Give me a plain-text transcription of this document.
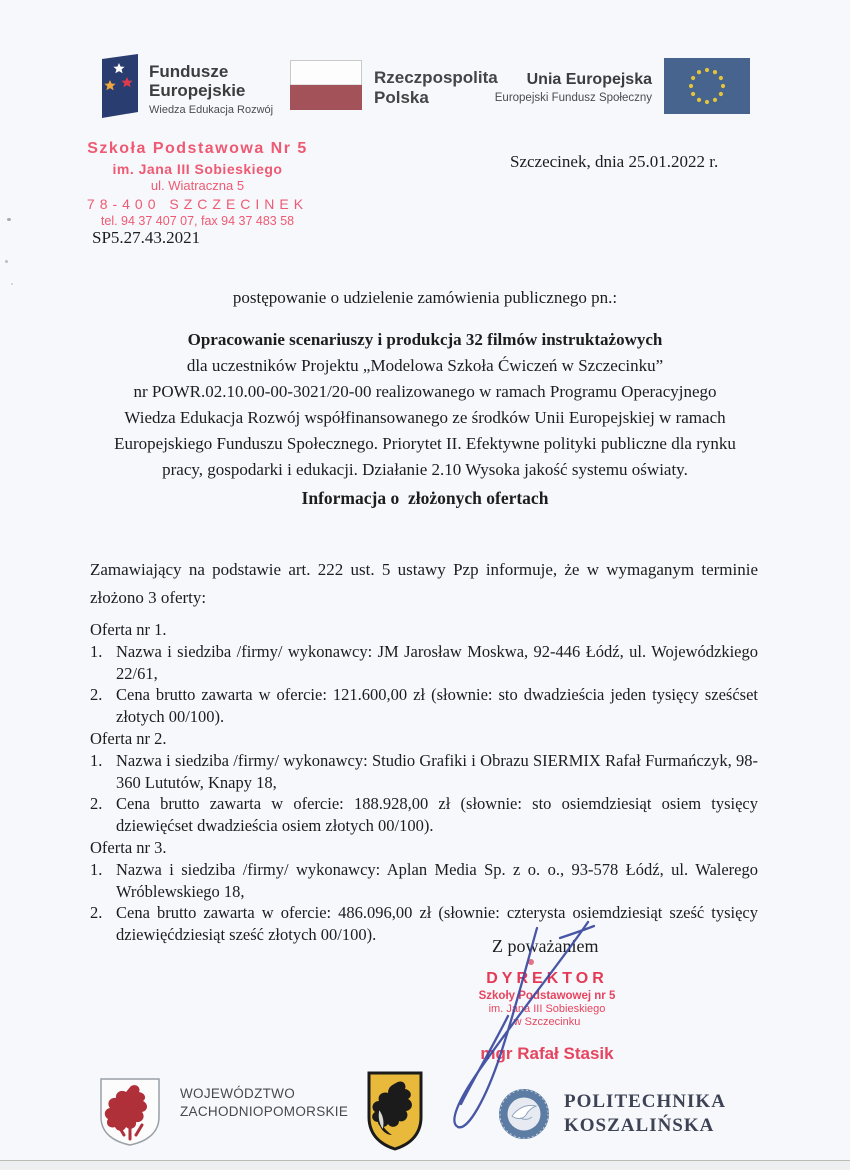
Fundusze
Europejskie
Wiedza Edukacja Rozwój
Rzeczpospolita
Polska
Unia Europejska
Europejski Fundusz Społeczny
Szkoła Podstawowa Nr 5
im. Jana III Sobieskiego
ul. Wiatraczna 5
78-400 SZCZECINEK
tel. 94 37 407 07, fax 94 37 483 58
Szczecinek, dnia 25.01.2022 r.
SP5.27.43.2021
postępowanie o udzielenie zamówienia publicznego pn.:
Opracowanie scenariuszy i produkcja 32 filmów instruktażowych
dla uczestników Projektu „Modelowa Szkoła Ćwiczeń w Szczecinku”
nr POWR.02.10.00-00-3021/20-00 realizowanego w ramach Programu Operacyjnego
Wiedza Edukacja Rozwój współfinansowanego ze środków Unii Europejskiej w ramach
Europejskiego Funduszu Społecznego. Priorytet II. Efektywne polityki publiczne dla rynku
pracy, gospodarki i edukacji. Działanie 2.10 Wysoka jakość systemu oświaty.
Informacja o  złożonych ofertach
Zamawiający na podstawie art. 222 ust. 5 ustawy Pzp informuje, że w wymaganym terminie złożono 3 oferty:
Oferta nr 1.
1. Nazwa i siedziba /firmy/ wykonawcy: JM Jarosław Moskwa, 92-446 Łódź, ul. Wojewódzkiego 22/61,
2. Cena brutto zawarta w ofercie: 121.600,00 zł (słownie: sto dwadzieścia jeden tysięcy sześćset złotych 00/100).
Oferta nr 2.
1. Nazwa i siedziba /firmy/ wykonawcy: Studio Grafiki i Obrazu SIERMIX Rafał Furmańczyk, 98-360 Lututów, Knapy 18,
2. Cena brutto zawarta w ofercie: 188.928,00 zł (słownie: sto osiemdziesiąt osiem tysięcy dziewięćset dwadzieścia osiem złotych 00/100).
Oferta nr 3.
1. Nazwa i siedziba /firmy/ wykonawcy: Aplan Media Sp. z o. o., 93-578 Łódź, ul. Walerego Wróblewskiego 18,
2. Cena brutto zawarta w ofercie: 486.096,00 zł (słownie: czterysta osiemdziesiąt sześć tysięcy dziewięćdziesiąt sześć złotych 00/100).
Z poważaniem
DYREKTOR
Szkoły Podstawowej nr 5
im. Jana III Sobieskiego
w Szczecinku
mgr Rafał Stasik
WOJEWÓDZTWO
ZACHODNIOPOMORSKIE	POLITECHNIKA
KOSZALIŃSKA
